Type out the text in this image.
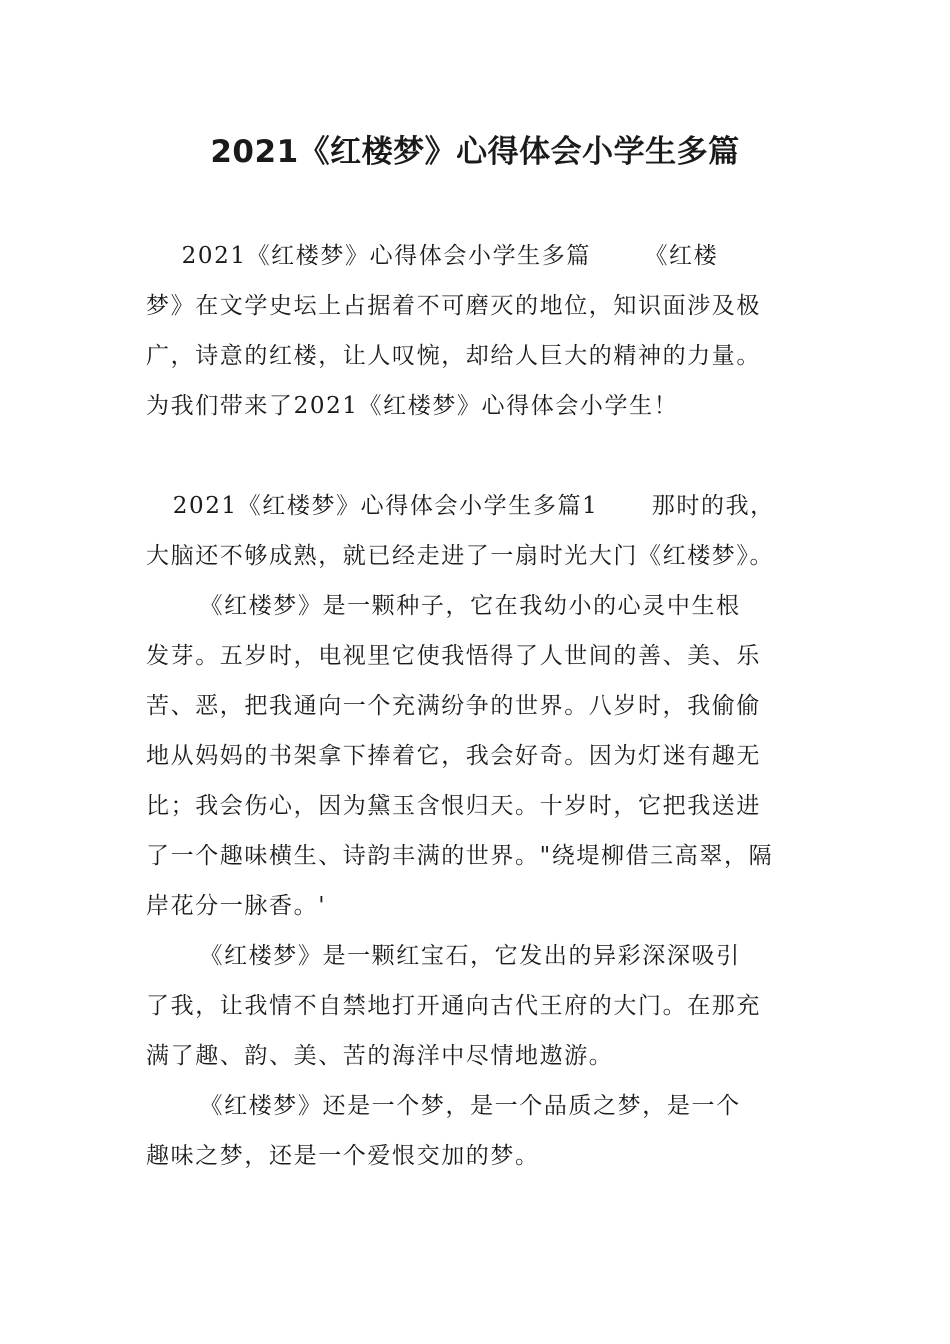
2021《红楼梦》心得体会小学生多篇

2021《红楼梦》心得体会小学生多篇      《红楼

梦》在文学史坛上占据着不可磨灭的地位，知识面涉及极

广，诗意的红楼，让人叹惋，却给人巨大的精神的力量。

为我们带来了2021《红楼梦》心得体会小学生！

2021《红楼梦》心得体会小学生多篇1      那时的我，

大脑还不够成熟，就已经走进了一扇时光大门《红楼梦》。

《红楼梦》是一颗种子，它在我幼小的心灵中生根

发芽。五岁时，电视里它使我悟得了人世间的善、美、乐

苦、恶，把我通向一个充满纷争的世界。八岁时，我偷偷

地从妈妈的书架拿下捧着它，我会好奇。因为灯迷有趣无

比；我会伤心，因为黛玉含恨归天。十岁时，它把我送进

了一个趣味横生、诗韵丰满的世界。"绕堤柳借三高翠，隔

岸花分一脉香。'

《红楼梦》是一颗红宝石，它发出的异彩深深吸引

了我，让我情不自禁地打开通向古代王府的大门。在那充

满了趣、韵、美、苦的海洋中尽情地遨游。

《红楼梦》还是一个梦，是一个品质之梦，是一个

趣味之梦，还是一个爱恨交加的梦。
